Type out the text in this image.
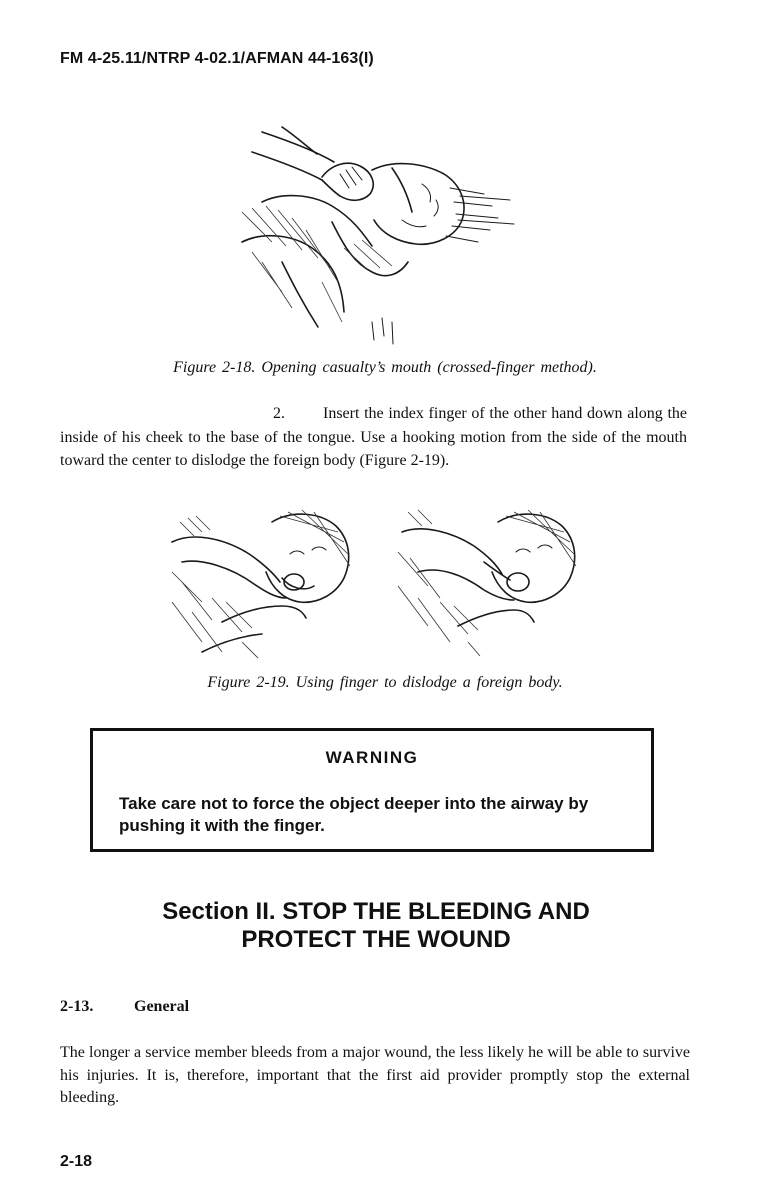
FM 4-25.11/NTRP 4-02.1/AFMAN 44-163(I)
Figure 2-18. Opening casualty’s mouth (crossed-finger method).
2. Insert the index finger of the other hand down along the inside of his cheek to the base of the tongue. Use a hooking motion from the side of the mouth toward the center to dislodge the foreign body (Figure 2-19).
Figure 2-19. Using finger to dislodge a foreign body.
WARNING
Take care not to force the object deeper into the airway by pushing it with the finger.
Section II. STOP THE BLEEDING AND
PROTECT THE WOUND
2-13.	General
The longer a service member bleeds from a major wound, the less likely he will be able to survive his injuries. It is, therefore, important that the first aid provider promptly stop the external bleeding.
2-18
